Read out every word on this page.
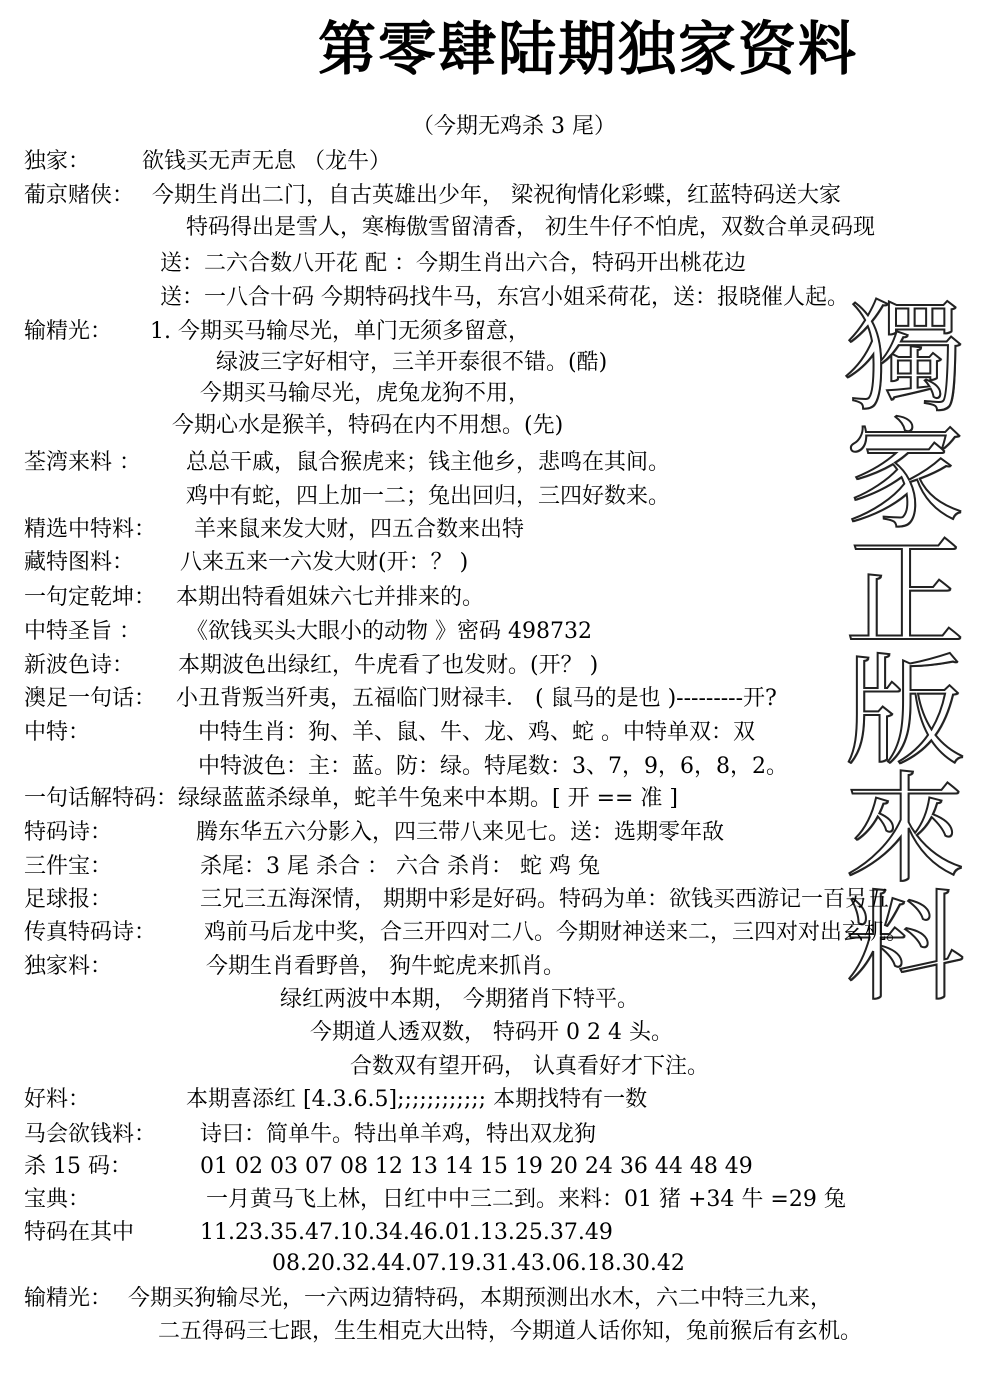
第零肆陆期独家资料
（今期无鸡杀 3 尾）
獨
家
正
版
來
料
独家： 欲钱买无声无息 （龙牛）
葡京赌侠： 今期生肖出二门，自古英雄出少年， 梁祝徇情化彩蝶，红蓝特码送大家
特码得出是雪人，寒梅傲雪留清香， 初生牛仔不怕虎，双数合单灵码现
送：二六合数八开花 配 ：今期生肖出六合，特码开出桃花边
送：一八合十码 今期特码找牛马，东宫小姐采荷花，送：报晓催人起。
输精光： 1. 今期买马输尽光，单门无须多留意，
绿波三字好相守，三羊开泰很不错。(酷)
今期买马输尽光，虎兔龙狗不用，
今期心水是猴羊，特码在内不用想。(先)
荃湾来料 ： 总总干戚，鼠合猴虎来；钱主他乡，悲鸣在其间。
鸡中有蛇，四上加一二；兔出回归，三四好数来。
精选中特料： 羊来鼠来发大财，四五合数来出特
藏特图料： 八来五来一六发大财(开：？ )
一句定乾坤： 本期出特看姐妹六七并排来的。
中特圣旨 ： 《欲钱买头大眼小的动物 》密码 498732
新波色诗： 本期波色出绿红，牛虎看了也发财。(开？ )
澳足一句话： 小丑背叛当歼夷，五福临门财禄丰． ( 鼠马的是也 )---------开?
中特：	中特生肖：狗、羊、鼠、牛、龙、鸡、蛇 。中特单双：双
中特波色：主：蓝。防：绿。特尾数：3、7，9，6，8，2。
一句话解特码： 绿绿蓝蓝杀绿单，蛇羊牛兔来中本期。[ 开 == 准 ]
特码诗：	腾东华五六分影入，四三带八来见七。送：选期零年敌
三件宝：	杀尾：3 尾 杀合 ： 六合 杀肖： 蛇 鸡 兔
足球报：	三兄三五海深情， 期期中彩是好码。特码为单：欲钱买西游记一百另五
传真特码诗： 鸡前马后龙中奖，合三开四对二八。今期财神送来二，三四对对出玄机。
独家料：	今期生肖看野兽， 狗牛蛇虎来抓肖。
绿红两波中本期， 今期猪肖下特平。
今期道人透双数， 特码开 0 2 4 头。
合数双有望开码， 认真看好才下注。
好料：	本期喜添红 [4.3.6.5];;;;;;;;;;;; 本期找特有一数
马会欲钱料： 诗曰：简单牛。特出单羊鸡，特出双龙狗
杀 15 码：	01 02 03 07 08 12 13 14 15 19 20 24 36 44 48 49
宝典：	一月黄马飞上林，日红中中三二到。来料：01 猪 +34 牛 =29 兔
特码在其中	11.23.35.47.10.34.46.01.13.25.37.49
08.20.32.44.07.19.31.43.06.18.30.42
输精光： 今期买狗输尽光，一六两边猜特码，本期预测出水木，六二中特三九来，
二五得码三七跟，生生相克大出特，今期道人话你知，兔前猴后有玄机。
